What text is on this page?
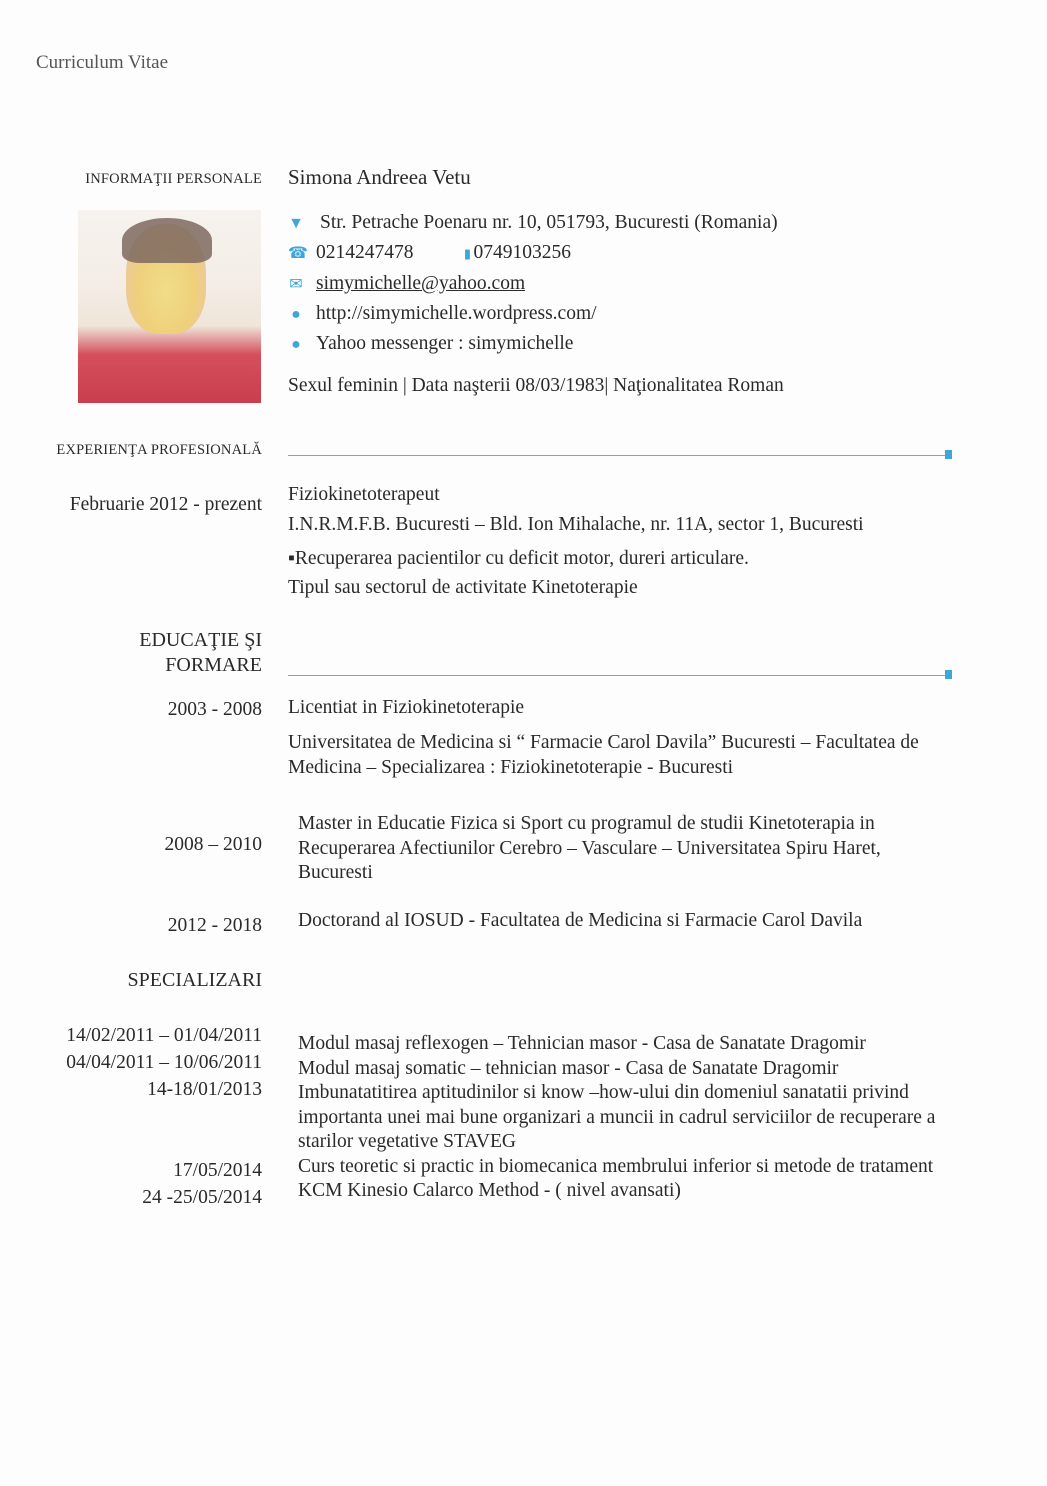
Curriculum Vitae
INFORMAŢII PERSONALE Simona Andreea Vetu
▼ Str. Petrache Poenaru nr. 10, 051793, Bucuresti (Romania)
☎ 0214247478	▮ 0749103256
✉ simymichelle@yahoo.com
● http://simymichelle.wordpress.com/
● Yahoo messenger : simymichelle
Sexul feminin | Data naşterii 08/03/1983| Naţionalitatea Roman
EXPERIENŢA PROFESIONALĂ
Februarie 2012 - prezent Fiziokinetoterapeut
I.N.R.M.F.B. Bucuresti – Bld. Ion Mihalache, nr. 11A, sector 1, Bucuresti
▪Recuperarea pacientilor cu deficit motor, dureri articulare.
Tipul sau sectorul de activitate Kinetoterapie
EDUCAŢIE ŞI
FORMARE
2003 - 2008 Licentiat in Fiziokinetoterapie
Universitatea de Medicina si “ Farmacie Carol Davila” Bucuresti – Facultatea de
Medicina – Specializarea : Fiziokinetoterapie - Bucuresti
2008 – 2010
Master in Educatie Fizica si Sport cu programul de studii Kinetoterapia in
Recuperarea Afectiunilor Cerebro – Vasculare – Universitatea Spiru Haret,
Bucuresti
2012 - 2018 Doctorand al IOSUD - Facultatea de Medicina si Farmacie Carol Davila
SPECIALIZARI
14/02/2011 – 01/04/2011
04/04/2011 – 10/06/2011
14-18/01/2013
17/05/2014
24 -25/05/2014
Modul masaj reflexogen – Tehnician masor - Casa de Sanatate Dragomir
Modul masaj somatic – tehnician masor - Casa de Sanatate Dragomir
Imbunatatitirea aptitudinilor si know –how-ului din domeniul sanatatii privind
importanta unei mai bune organizari a muncii in cadrul serviciilor de recuperare a
starilor vegetative STAVEG
Curs teoretic si practic in biomecanica membrului inferior si metode de tratament
KCM Kinesio Calarco Method - ( nivel avansati)
